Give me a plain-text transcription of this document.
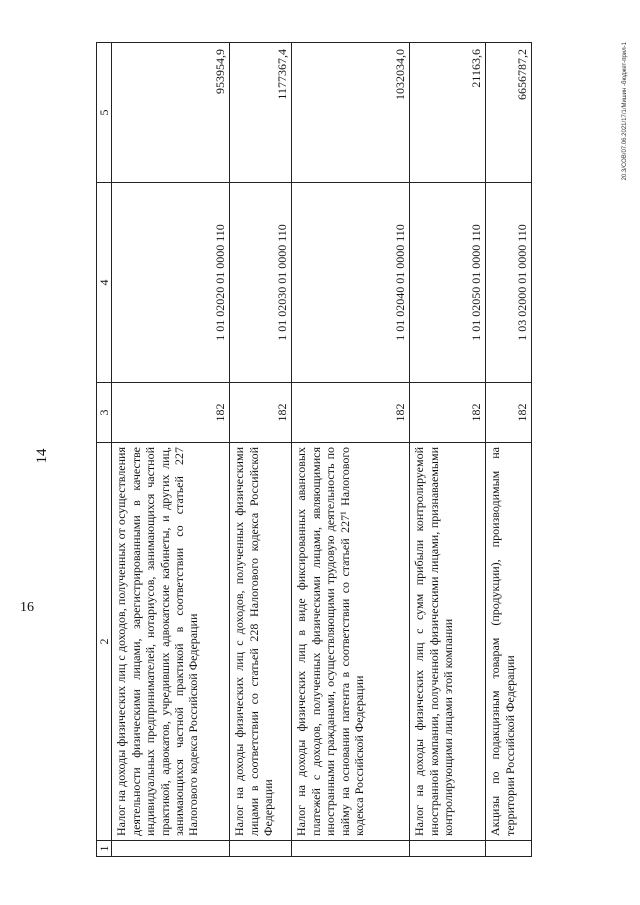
14
1	2	3	4	5
	Налог на доходы физических лиц с доходов, полученных от осуществления деятельности физическими лицами, зарегистрированными в качестве индивидуальных предпринимателей, нотариусов, занимающихся частной практикой, адвокатов, учредивших адвокатские кабинеты, и других лиц, занимающихся частной практикой в соответствии со статьей 227 Налогового кодекса Российской Федерации	182	1 01 02020 01 0000 110	953954,9
	Налог на доходы физических лиц с доходов, полученных физическими лицами в соответствии со статьей 228 Налогового кодекса Российской Федерации	182	1 01 02030 01 0000 110	1177367,4
	Налог на доходы физических лиц в виде фиксированных авансовых платежей с доходов, полученных физическими лицами, являющимися иностранными гражданами, осуществляющими трудовую деятельность по найму на основании патента в соответствии со статьей 227¹ Налогового кодекса Российской Федерации	182	1 01 02040 01 0000 110	1032034,0
	Налог на доходы физических лиц с сумм прибыли контролируемой иностранной компании, полученной физическими лицами, признаваемыми контролирующими лицами этой компании	182	1 01 02050 01 0000 110	21163,6
	Акцизы по подакцизным товарам (продукции), производимым на территории Российской Федерации	182	1 03 02000 01 0000 110	6656787,2	20.3/СОВ/07.06.2021/17/1/Мишин -бюджет-прил-1
16
